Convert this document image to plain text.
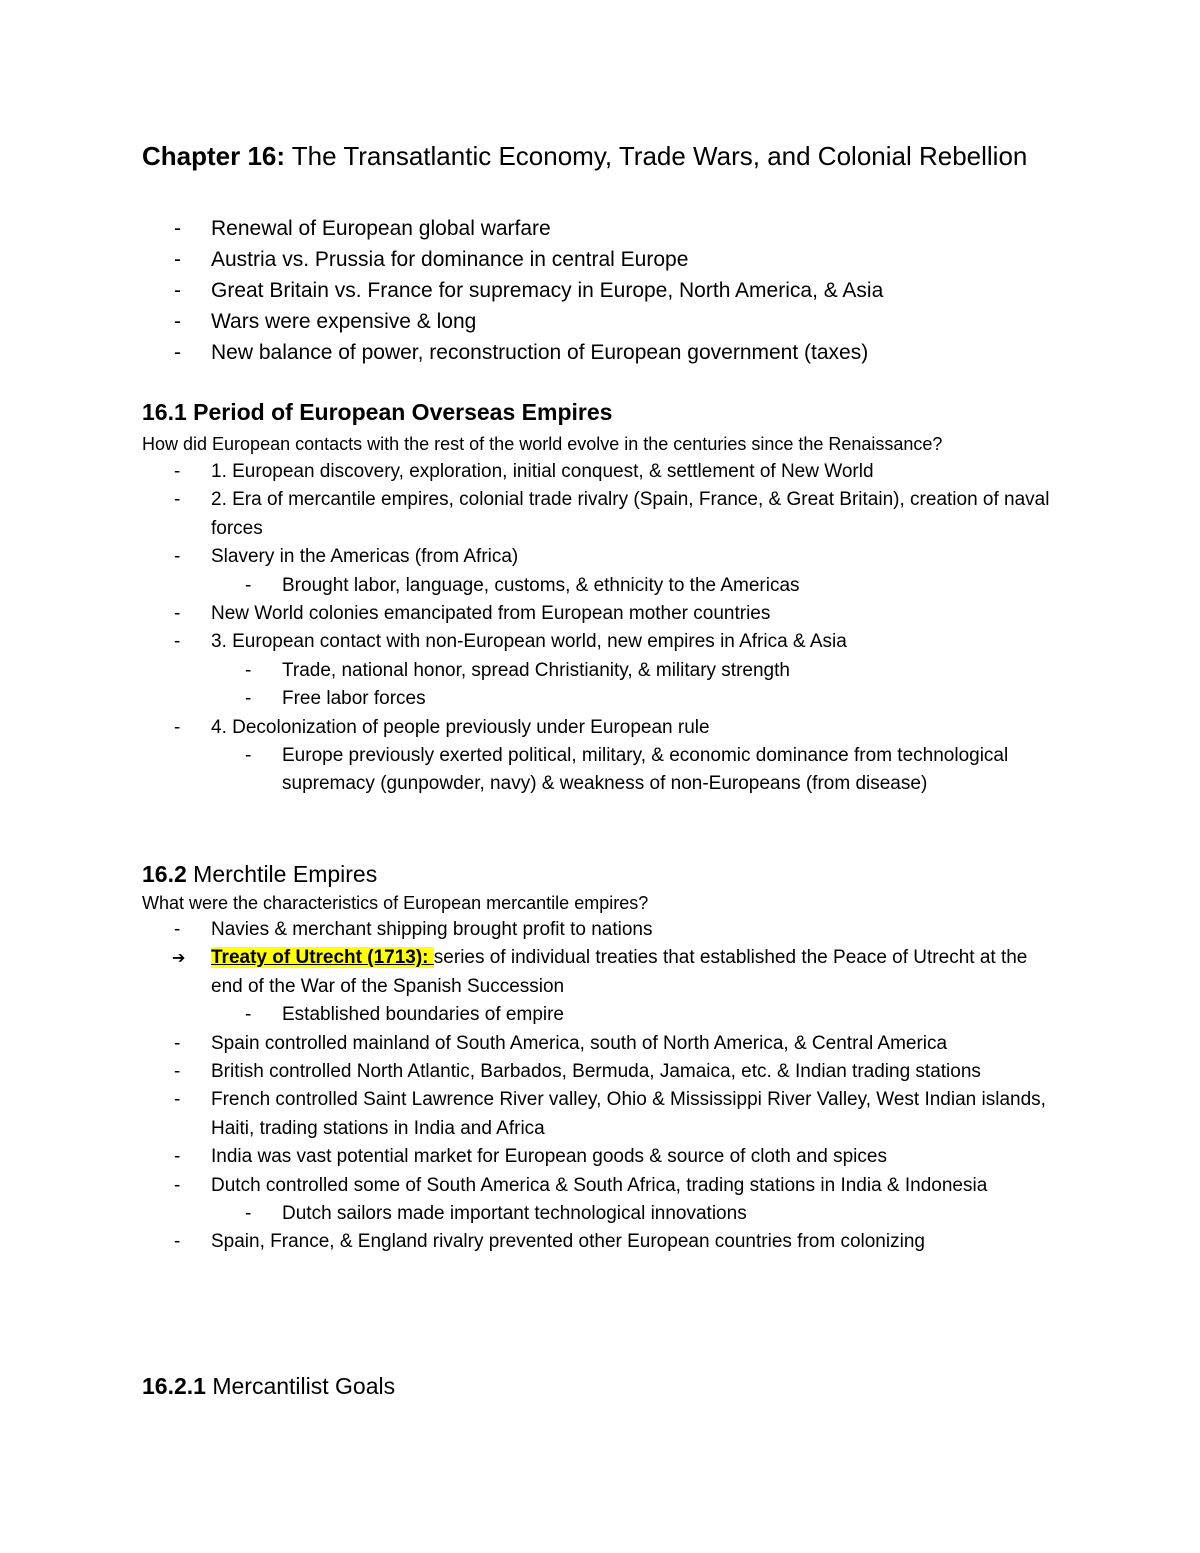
Chapter 16: The Transatlantic Economy, Trade Wars, and Colonial Rebellion
- Renewal of European global warfare
- Austria vs. Prussia for dominance in central Europe
- Great Britain vs. France for supremacy in Europe, North America, & Asia
- Wars were expensive & long
- New balance of power, reconstruction of European government (taxes)
16.1 Period of European Overseas Empires

How did European contacts with the rest of the world evolve in the centuries since the Renaissance?

- 1. European discovery, exploration, initial conquest, & settlement of New World
- 2. Era of mercantile empires, colonial trade rivalry (Spain, France, & Great Britain), creation of naval forces
- Slavery in the Americas (from Africa)
- Brought labor, language, customs, & ethnicity to the Americas
- New World colonies emancipated from European mother countries
- 3. European contact with non-European world, new empires in Africa & Asia
- Trade, national honor, spread Christianity, & military strength
- Free labor forces
- 4. Decolonization of people previously under European rule
- Europe previously exerted political, military, & economic dominance from technological supremacy (gunpowder, navy) & weakness of non-Europeans (from disease)
16.2 Merchtile Empires

What were the characteristics of European mercantile empires?

- Navies & merchant shipping brought profit to nations
➔ Treaty of Utrecht (1713): series of individual treaties that established the Peace of Utrecht at the end of the War of the Spanish Succession
- Established boundaries of empire
- Spain controlled mainland of South America, south of North America, & Central America
- British controlled North Atlantic, Barbados, Bermuda, Jamaica, etc. & Indian trading stations
- French controlled Saint Lawrence River valley, Ohio & Mississippi River Valley, West Indian islands, Haiti, trading stations in India and Africa
- India was vast potential market for European goods & source of cloth and spices
- Dutch controlled some of South America & South Africa, trading stations in India & Indonesia
- Dutch sailors made important technological innovations
- Spain, France, & England rivalry prevented other European countries from colonizing
16.2.1 Mercantilist Goals
